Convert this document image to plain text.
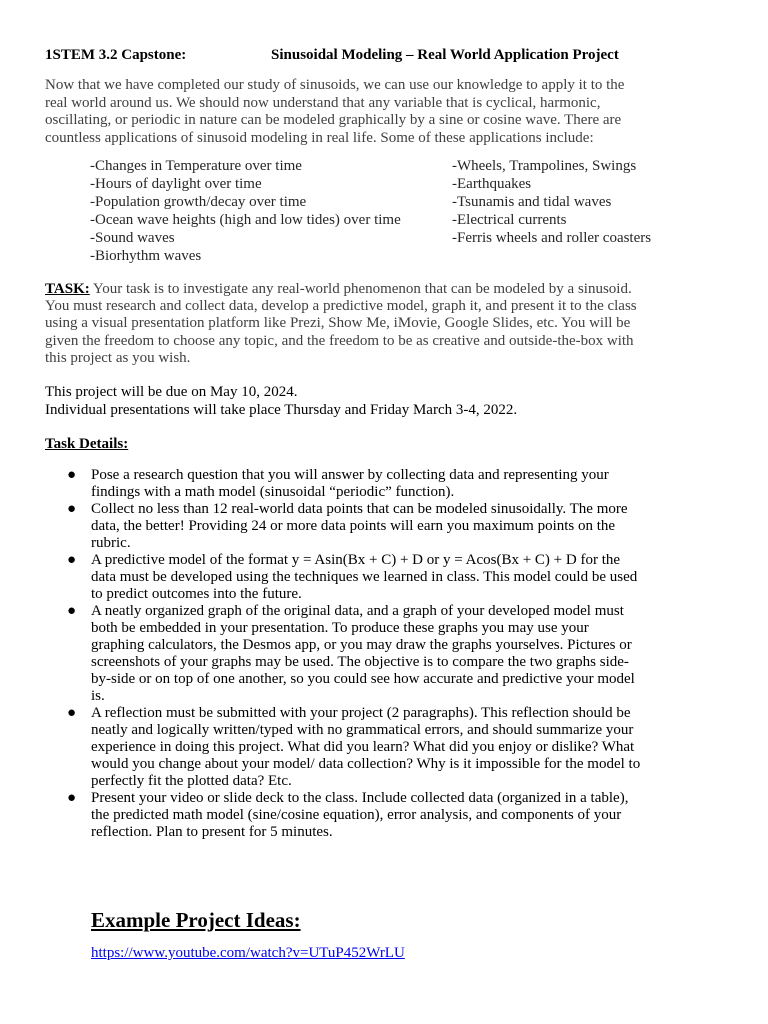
1STEM 3.2 Capstone:	Sinusoidal Modeling – Real World Application Project
Now that we have completed our study of sinusoids, we can use our knowledge to apply it to the real world around us. We should now understand that any variable that is cyclical, harmonic, oscillating, or periodic in nature can be modeled graphically by a sine or cosine wave. There are countless applications of sinusoid modeling in real life. Some of these applications include:
-Changes in Temperature over time
-Hours of daylight over time
-Population growth/decay over time
-Ocean wave heights (high and low tides) over time
-Sound waves
-Biorhythm waves
-Wheels, Trampolines, Swings
-Earthquakes
-Tsunamis and tidal waves
-Electrical currents
-Ferris wheels and roller coasters
TASK: Your task is to investigate any real-world phenomenon that can be modeled by a sinusoid. You must research and collect data, develop a predictive model, graph it, and present it to the class using a visual presentation platform like Prezi, Show Me, iMovie, Google Slides, etc. You will be given the freedom to choose any topic, and the freedom to be as creative and outside-the-box with this project as you wish.
This project will be due on May 10, 2024.
Individual presentations will take place Thursday and Friday March 3-4, 2022.
Task Details:
● Pose a research question that you will answer by collecting data and representing your findings with a math model (sinusoidal “periodic” function).
● Collect no less than 12 real-world data points that can be modeled sinusoidally. The more data, the better! Providing 24 or more data points will earn you maximum points on the rubric.
● A predictive model of the format y = Asin(Bx + C) + D or y = Acos(Bx + C) + D for the data must be developed using the techniques we learned in class. This model could be used to predict outcomes into the future.
● A neatly organized graph of the original data, and a graph of your developed model must both be embedded in your presentation. To produce these graphs you may use your graphing calculators, the Desmos app, or you may draw the graphs yourselves. Pictures or screenshots of your graphs may be used. The objective is to compare the two graphs side-by-side or on top of one another, so you could see how accurate and predictive your model is.
● A reflection must be submitted with your project (2 paragraphs). This reflection should be neatly and logically written/typed with no grammatical errors, and should summarize your experience in doing this project. What did you learn? What did you enjoy or dislike? What would you change about your model/ data collection? Why is it impossible for the model to perfectly fit the plotted data? Etc.
● Present your video or slide deck to the class. Include collected data (organized in a table), the predicted math model (sine/cosine equation), error analysis, and components of your reflection. Plan to present for 5 minutes.
Example Project Ideas:
https://www.youtube.com/watch?v=UTuP452WrLU
